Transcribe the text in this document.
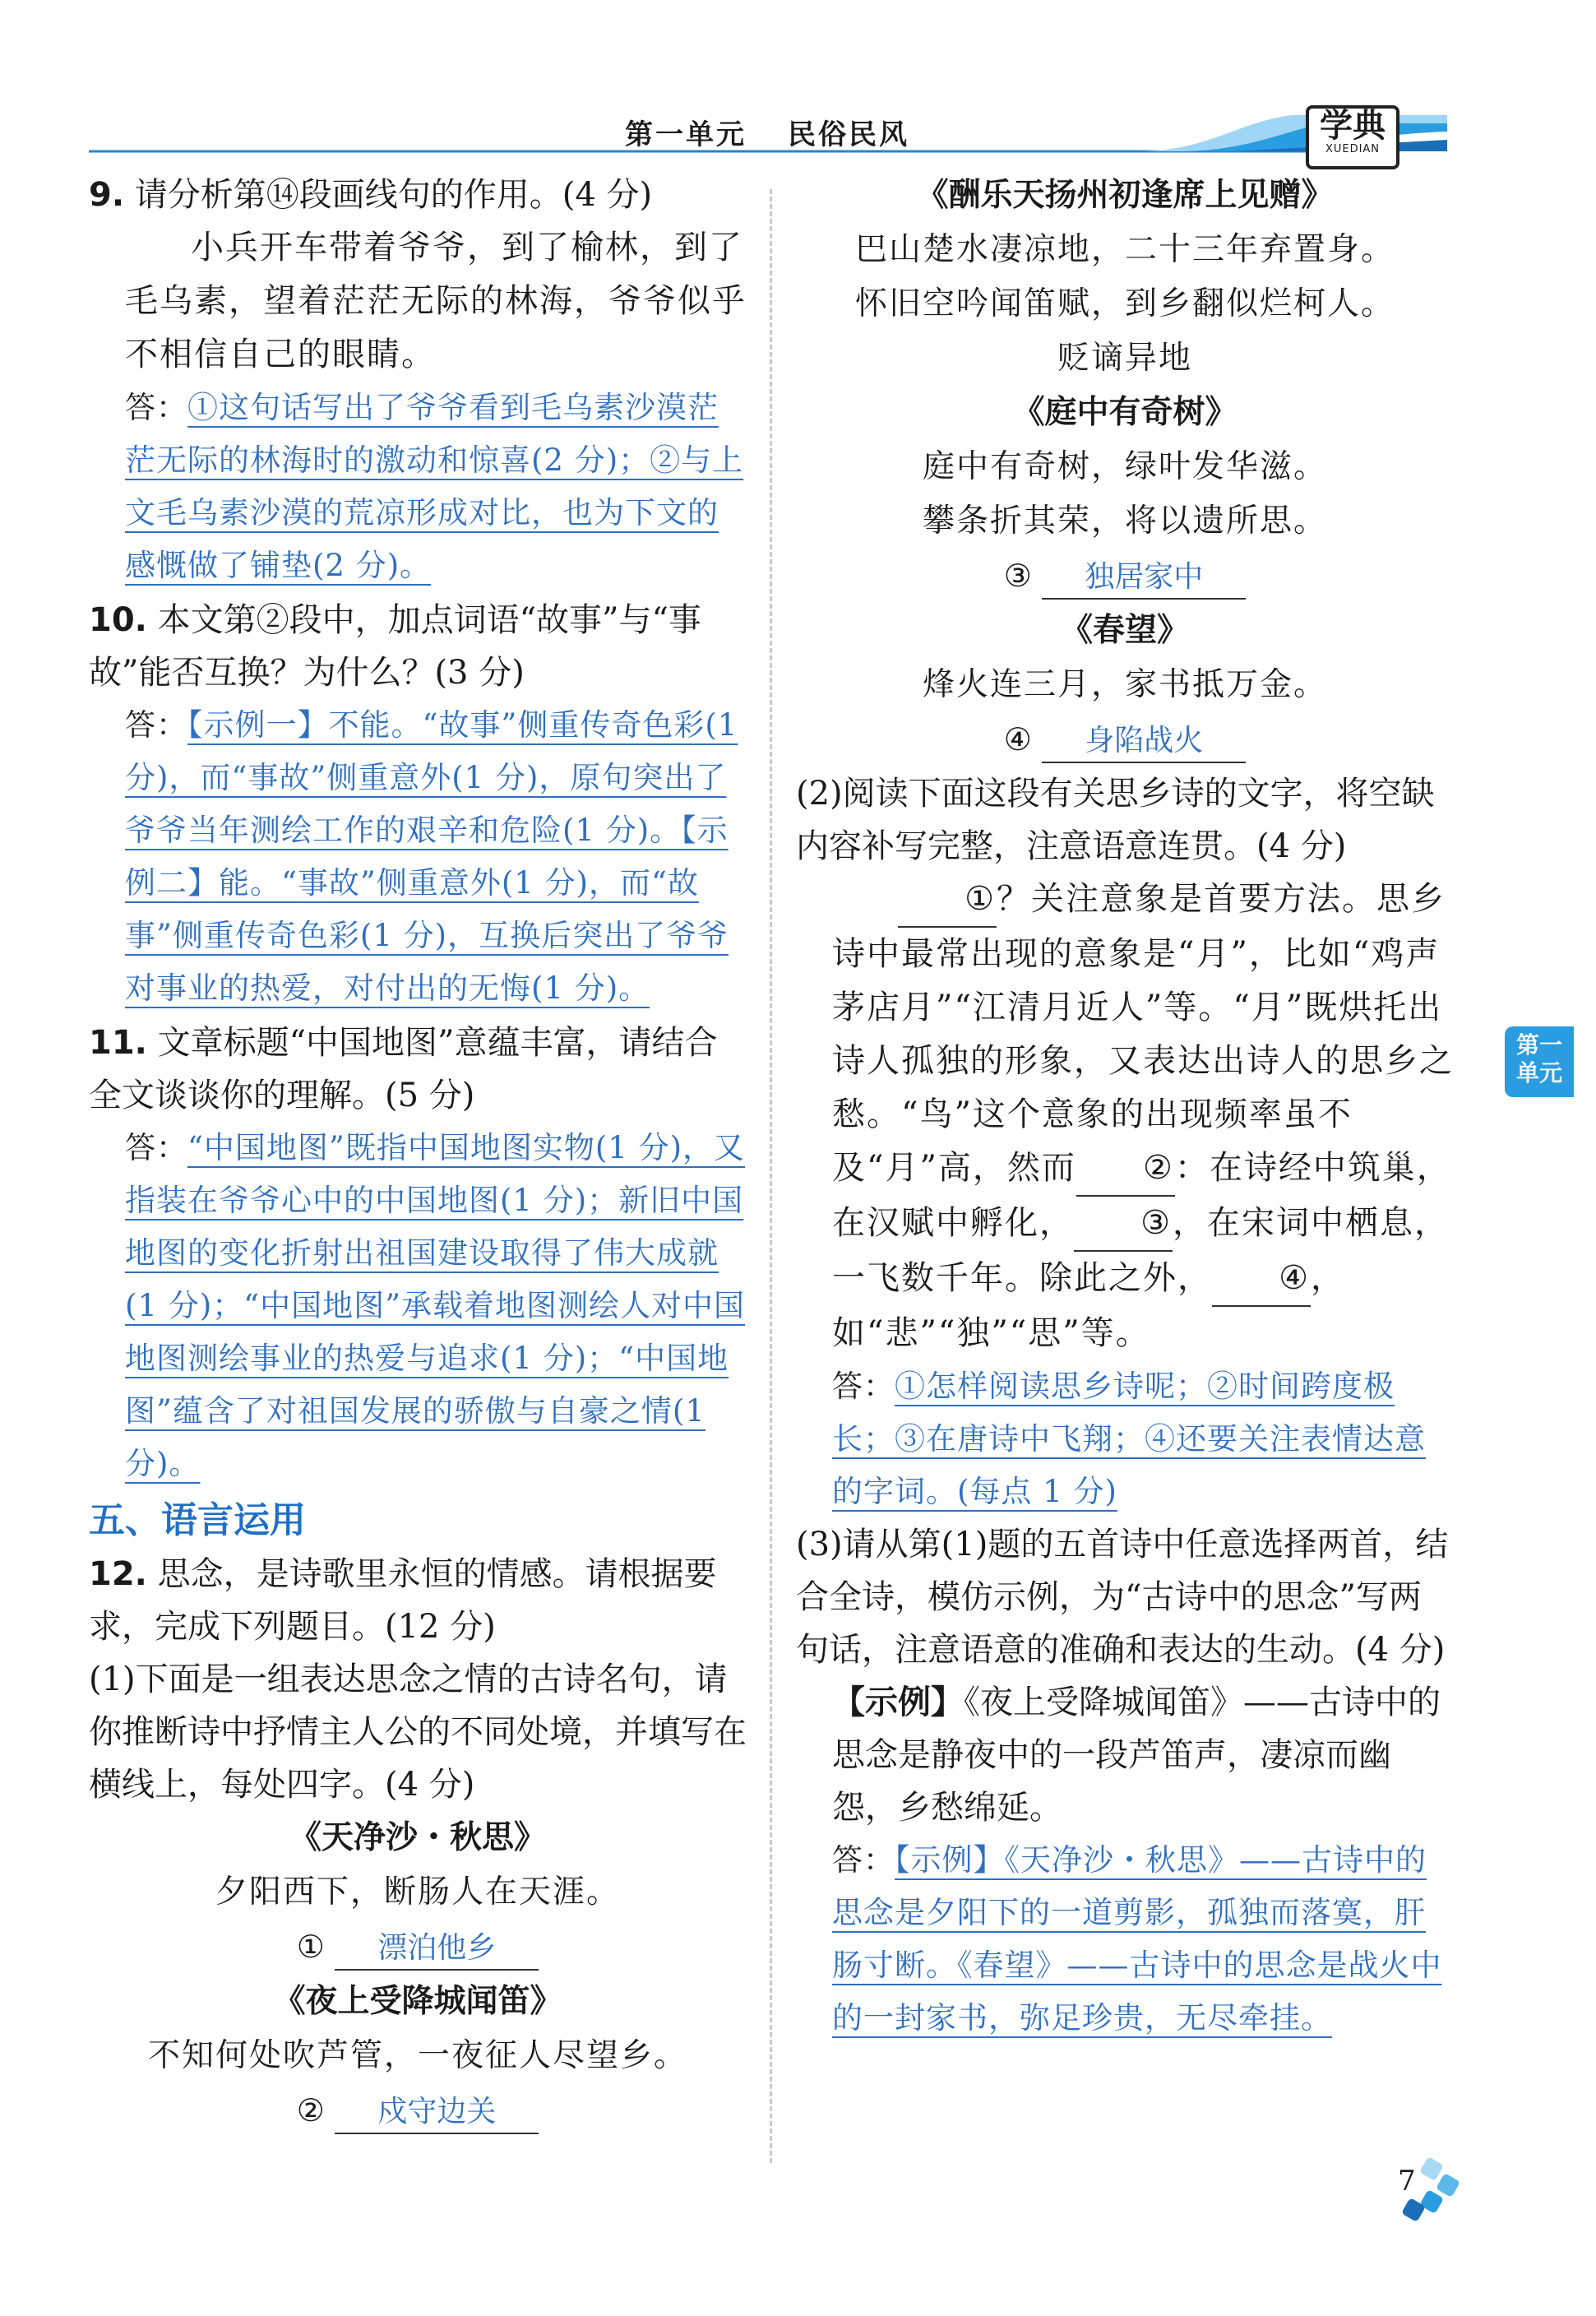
第一单元 民俗民风	学典
XUEDIAN
9. 请分析第⑭段画线句的作用。(4 分)
小兵开车带着爷爷，到了榆林，到了毛乌素，望着茫茫无际的林海，爷爷似乎不相信自己的眼睛。
答：①这句话写出了爷爷看到毛乌素沙漠茫茫无际的林海时的激动和惊喜(2 分)；②与上文毛乌素沙漠的荒凉形成对比，也为下文的感慨做了铺垫(2 分)。
10. 本文第②段中，加点词语“故事”与“事故”能否互换？为什么？(3 分)
答：【示例一】不能。“故事”侧重传奇色彩(1 分)，而“事故”侧重意外(1 分)，原句突出了爷爷当年测绘工作的艰辛和危险(1 分)。【示例二】能。“事故”侧重意外(1 分)，而“故事”侧重传奇色彩(1 分)，互换后突出了爷爷对事业的热爱，对付出的无悔(1 分)。
11. 文章标题“中国地图”意蕴丰富，请结合全文谈谈你的理解。(5 分)
答：“中国地图”既指中国地图实物(1 分)，又指装在爷爷心中的中国地图(1 分)；新旧中国地图的变化折射出祖国建设取得了伟大成就(1 分)；“中国地图”承载着地图测绘人对中国地图测绘事业的热爱与追求(1 分)；“中国地图”蕴含了对祖国发展的骄傲与自豪之情(1 分)。
五、语言运用
12. 思念，是诗歌里永恒的情感。请根据要求，完成下列题目。(12 分)
(1)下面是一组表达思念之情的古诗名句，请你推断诗中抒情主人公的不同处境，并填写在横线上，每处四字。(4 分)
《天净沙・秋思》
夕阳西下，断肠人在天涯。
① 漂泊他乡
《夜上受降城闻笛》
不知何处吹芦管，一夜征人尽望乡。
② 戍守边关
《酬乐天扬州初逢席上见赠》
巴山楚水凄凉地，二十三年弃置身。
怀旧空吟闻笛赋，到乡翻似烂柯人。
贬谪异地
《庭中有奇树》
庭中有奇树，绿叶发华滋。
攀条折其荣，将以遗所思。
③ 独居家中
《春望》
烽火连三月，家书抵万金。
④ 身陷战火
(2)阅读下面这段有关思乡诗的文字，将空缺内容补写完整，注意语意连贯。(4 分)
①？关注意象是首要方法。思乡诗中最常出现的意象是“月”，比如“鸡声茅店月”“江清月近人”等。“月”既烘托出诗人孤独的形象，又表达出诗人的思乡之愁。“鸟”这个意象的出现频率虽不及“月”高，然而 ②：在诗经中筑巢，在汉赋中孵化， ③，在宋词中栖息，一飞数千年。除此之外， ④，如“悲”“独”“思”等。
答：①怎样阅读思乡诗呢；②时间跨度极长；③在唐诗中飞翔；④还要关注表情达意的字词。(每点 1 分)
(3)请从第(1)题的五首诗中任意选择两首，结合全诗，模仿示例，为“古诗中的思念”写两句话，注意语意的准确和表达的生动。(4 分)
【示例】《夜上受降城闻笛》——古诗中的思念是静夜中的一段芦笛声，凄凉而幽怨，乡愁绵延。
答：【示例】《天净沙・秋思》——古诗中的思念是夕阳下的一道剪影，孤独而落寞，肝肠寸断。《春望》——古诗中的思念是战火中的一封家书，弥足珍贵，无尽牵挂。
第一
单元
7
